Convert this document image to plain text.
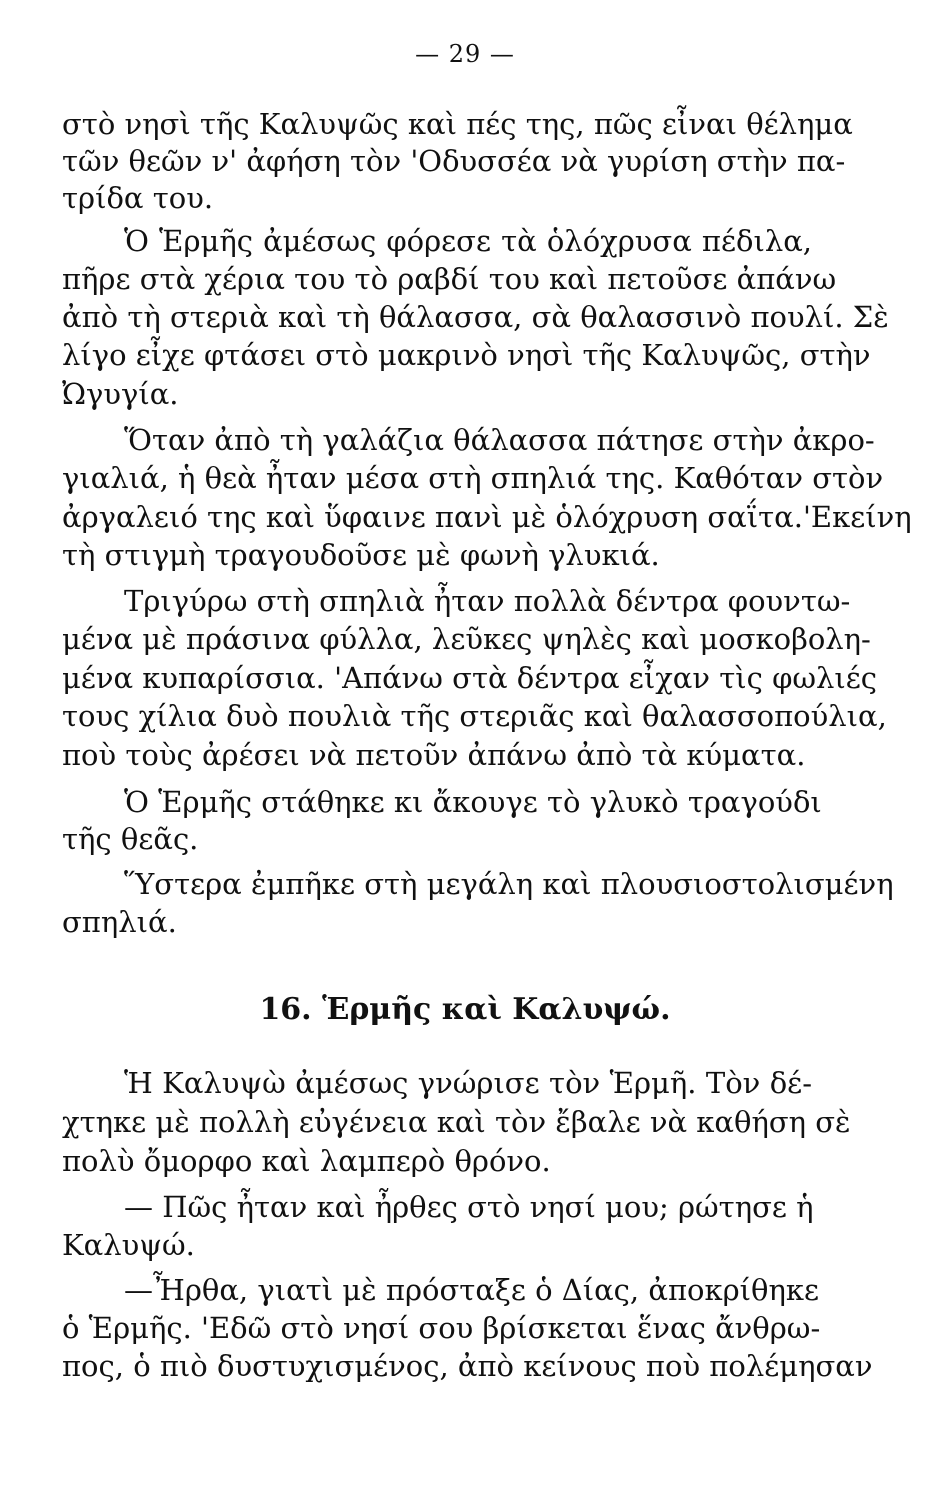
— 29 —
στὸ νησὶ τῆς Καλυψῶς καὶ πές της, πῶς εἶναι θέλημα
τῶν θεῶν ν' ἀφήση τὸν 'Οδυσσέα νὰ γυρίση στὴν πα-
τρίδα του.
Ὁ Ἑρμῆς ἀμέσως φόρεσε τὰ ὁλόχρυσα πέδιλα,
πῆρε στὰ χέρια του τὸ ραβδί του καὶ πετοῦσε ἀπάνω
ἀπὸ τὴ στεριὰ καὶ τὴ θάλασσα, σὰ θαλασσινὸ πουλί. Σὲ
λίγο εἶχε φτάσει στὸ μακρινὸ νησὶ τῆς Καλυψῶς, στὴν
Ὠγυγία.
Ὅταν ἀπὸ τὴ γαλάζια θάλασσα πάτησε στὴν ἀκρο-
γιαλιά, ἡ θεὰ ἦταν μέσα στὴ σπηλιά της. Καθόταν στὸν
ἀργαλειό της καὶ ὕφαινε πανὶ μὲ ὁλόχρυση σαΐτα.'Εκείνη
τὴ στιγμὴ τραγουδοῦσε μὲ φωνὴ γλυκιά.
Τριγύρω στὴ σπηλιὰ ἦταν πολλὰ δέντρα φουντω-
μένα μὲ πράσινα φύλλα, λεῦκες ψηλὲς καὶ μοσκοβολη-
μένα κυπαρίσσια. 'Απάνω στὰ δέντρα εἶχαν τὶς φωλιές
τους χίλια δυὸ πουλιὰ τῆς στεριᾶς καὶ θαλασσοπούλια,
ποὺ τοὺς ἀρέσει νὰ πετοῦν ἀπάνω ἀπὸ τὰ κύματα.
Ὁ Ἑρμῆς στάθηκε κι ἄκουγε τὸ γλυκὸ τραγούδι
τῆς θεᾶς.
Ὕστερα ἐμπῆκε στὴ μεγάλη καὶ πλουσιοστολισμένη
σπηλιά.
16. Ἑρμῆς καὶ Καλυψώ.
Ἡ Καλυψὼ ἀμέσως γνώρισε τὸν Ἑρμῆ. Τὸν δέ-
χτηκε μὲ πολλὴ εὐγένεια καὶ τὸν ἔβαλε νὰ καθήση σὲ
πολὺ ὄμορφο καὶ λαμπερὸ θρόνο.
— Πῶς ἦταν καὶ ἦρθες στὸ νησί μου; ρώτησε ἡ
Καλυψώ.
—Ἦρθα, γιατὶ μὲ πρόσταξε ὁ Δίας, ἀποκρίθηκε
ὁ Ἑρμῆς. 'Εδῶ στὸ νησί σου βρίσκεται ἕνας ἄνθρω-
πος, ὁ πιὸ δυστυχισμένος, ἀπὸ κείνους ποὺ πολέμησαν
